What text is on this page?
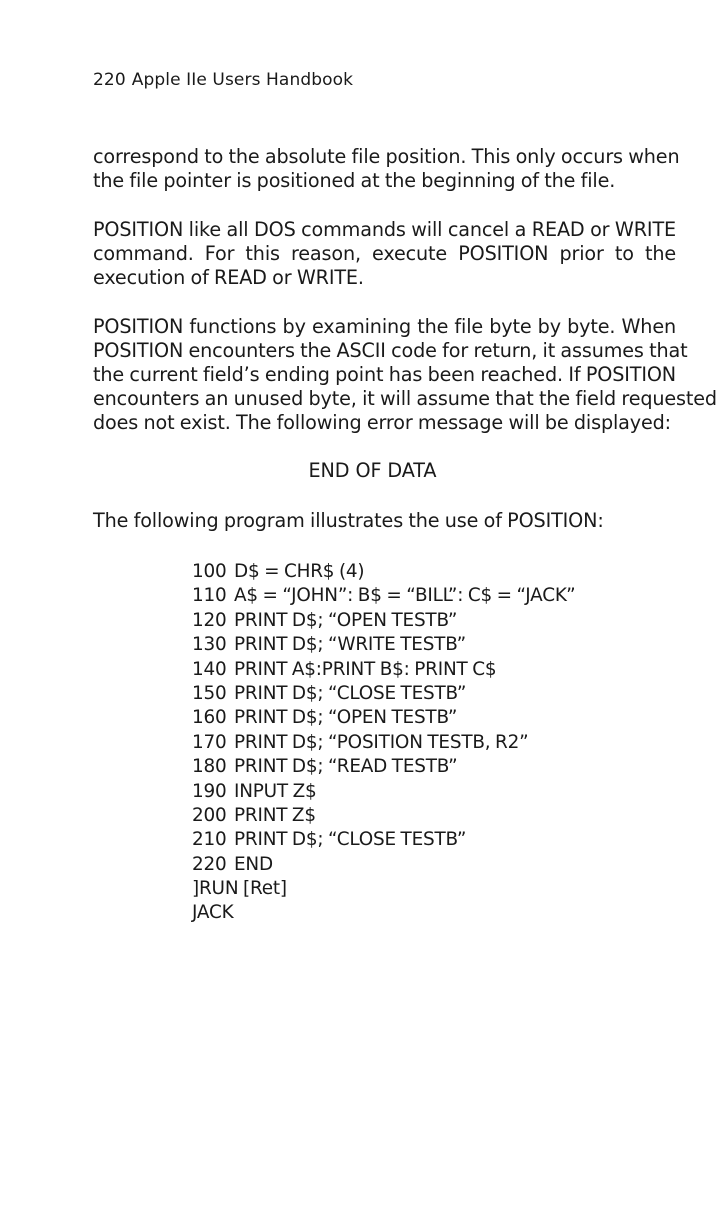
220 Apple IIe Users Handbook

correspond to the absolute file position. This only occurs when
the file pointer is positioned at the beginning of the file.

POSITION like all DOS commands will cancel a READ or WRITE
command. For this reason, execute POSITION prior to the
execution of READ or WRITE.

POSITION functions by examining the file byte by byte. When
POSITION encounters the ASCII code for return, it assumes that
the current field’s ending point has been reached. If POSITION
encounters an unused byte, it will assume that the field requested
does not exist. The following error message will be displayed:

END OF DATA
The following program illustrates the use of POSITION:
100 D$ = CHR$ (4)
110 A$ = “JOHN”: B$ = “BILL”: C$ = “JACK”
120 PRINT D$; “OPEN TESTB”
130 PRINT D$; “WRITE TESTB”
140 PRINT A$:PRINT B$: PRINT C$
150 PRINT D$; “CLOSE TESTB”
160 PRINT D$; “OPEN TESTB”
170 PRINT D$; “POSITION TESTB, R2”
180 PRINT D$; “READ TESTB”
190 INPUT Z$
200 PRINT Z$
210 PRINT D$; “CLOSE TESTB”
220 END
]RUN [Ret]
JACK
